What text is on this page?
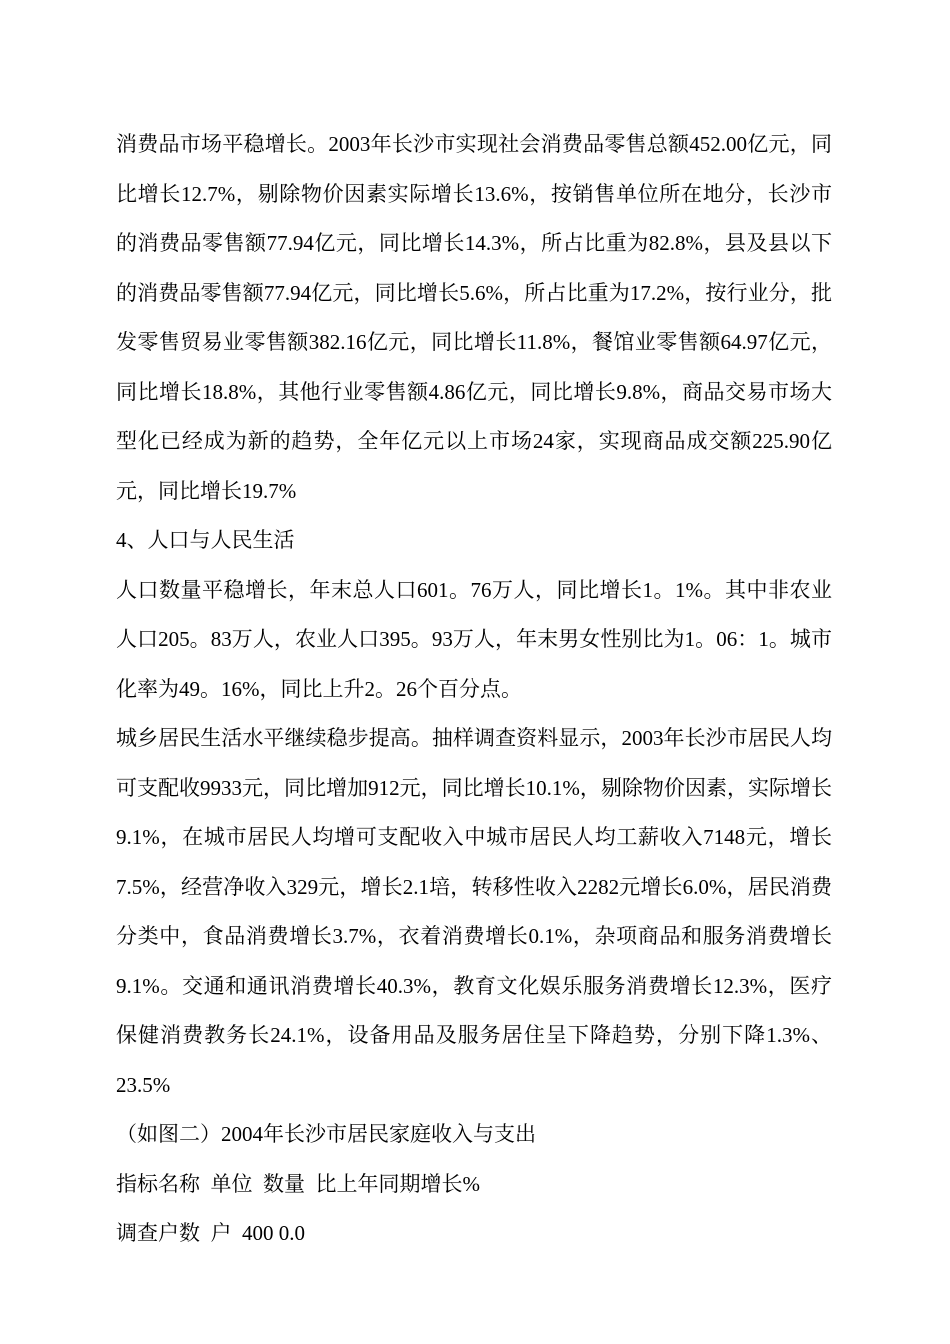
消费品市场平稳增长。2003年长沙市实现社会消费品零售总额452.00亿元，同比增长12.7%，剔除物价因素实际增长13.6%，按销售单位所在地分，长沙市的消费品零售额77.94亿元，同比增长14.3%，所占比重为82.8%，县及县以下的消费品零售额77.94亿元，同比增长5.6%，所占比重为17.2%，按行业分，批发零售贸易业零售额382.16亿元，同比增长11.8%，餐馆业零售额64.97亿元，同比增长18.8%，其他行业零售额4.86亿元，同比增长9.8%，商品交易市场大型化已经成为新的趋势，全年亿元以上市场24家，实现商品成交额225.90亿元，同比增长19.7%

4、人口与人民生活

人口数量平稳增长，年末总人口601。76万人，同比增长1。1%。其中非农业人口205。83万人，农业人口395。93万人，年末男女性别比为1。06：1。城市化率为49。16%，同比上升2。26个百分点。

城乡居民生活水平继续稳步提高。抽样调查资料显示，2003年长沙市居民人均可支配收9933元，同比增加912元，同比增长10.1%，剔除物价因素，实际增长9.1%，在城市居民人均增可支配收入中城市居民人均工薪收入7148元，增长7.5%，经营净收入329元，增长2.1培，转移性收入2282元增长6.0%，居民消费分类中，食品消费增长3.7%，衣着消费增长0.1%，杂项商品和服务消费增长9.1%。交通和通讯消费增长40.3%，教育文化娱乐服务消费增长12.3%，医疗保健消费教务长24.1%，设备用品及服务居住呈下降趋势，分别下降1.3%、23.5%

（如图二）2004年长沙市居民家庭收入与支出

指标名称  单位  数量  比上年同期增长%

调查户数  户  400 0.0
